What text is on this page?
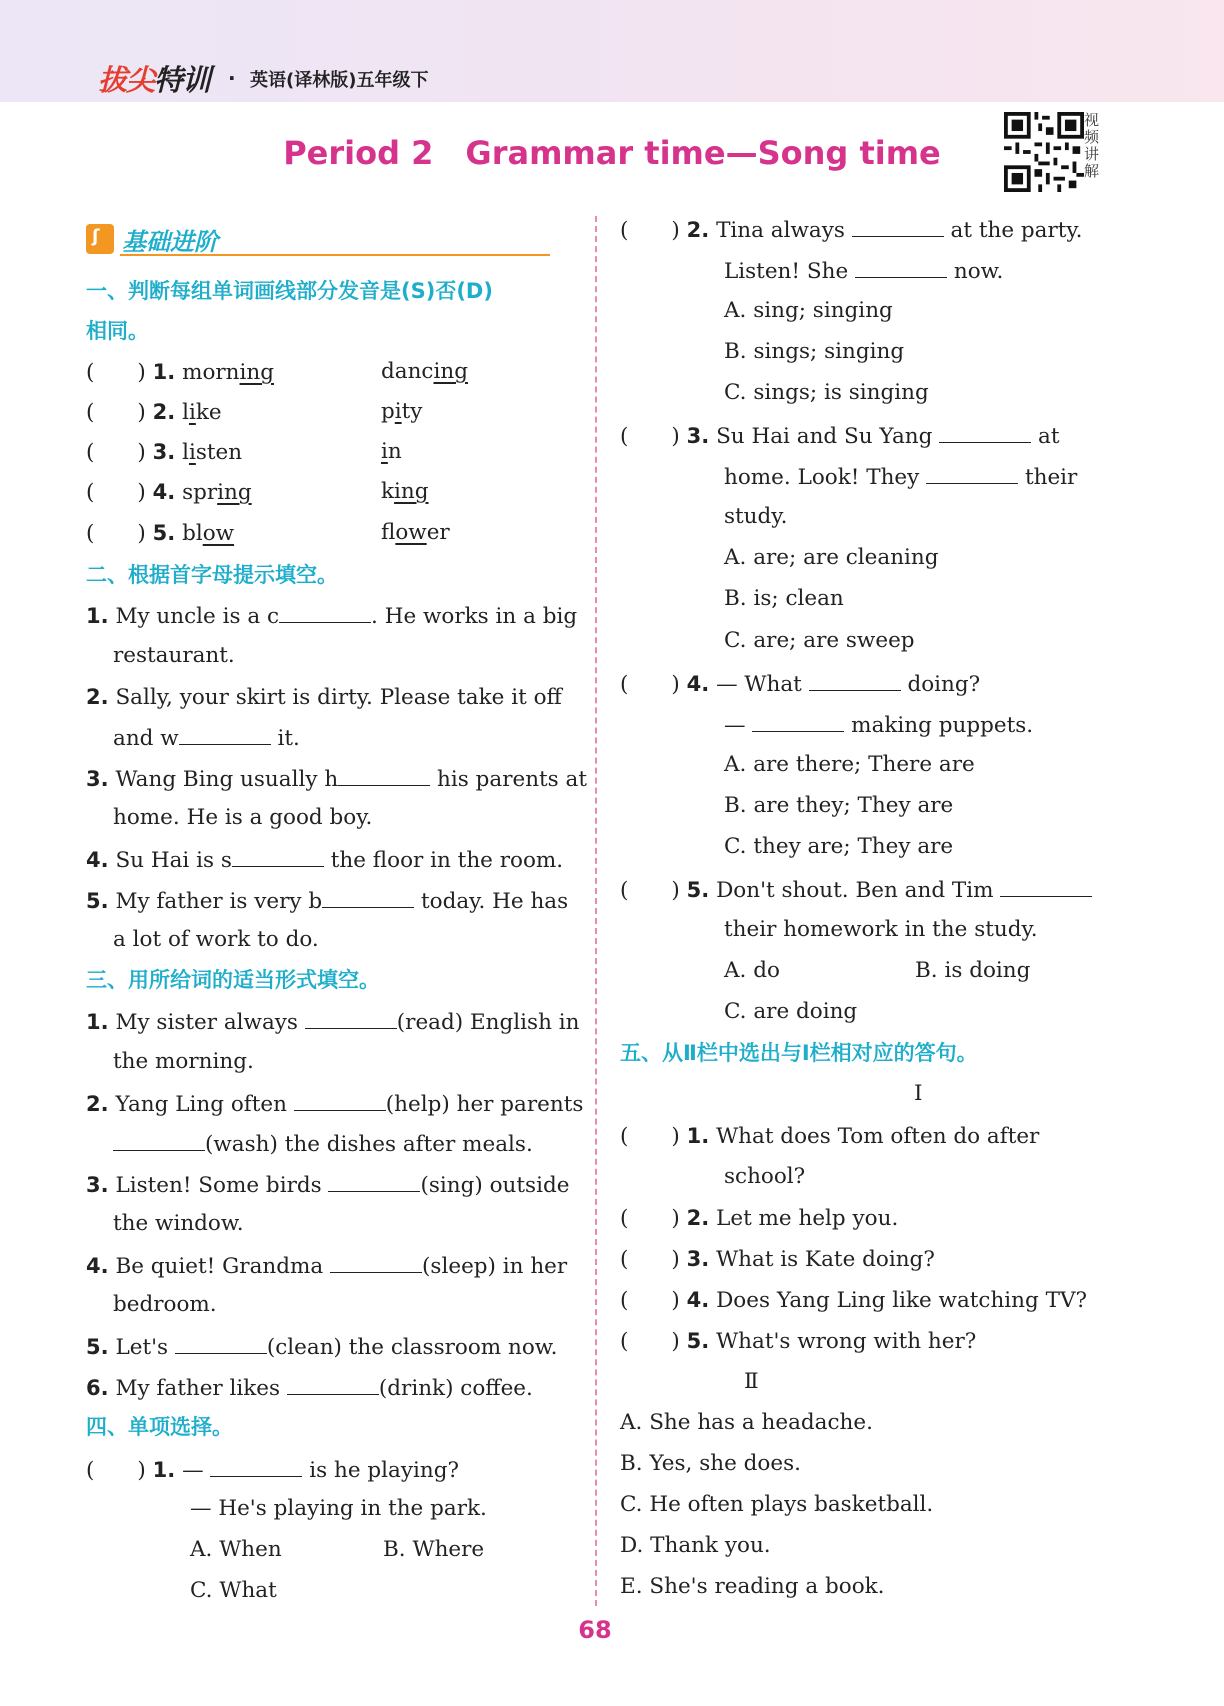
拔尖特训 · 英语(译林版)五年级下
Period 2　Grammar time—Song time
视频讲解
ʃ 基础进阶
一、判断每组单词画线部分发音是(S)否(D)
相同。
(　　) 1. morning	dancing
(　　) 2. like	pity
(　　) 3. listen	in
(　　) 4. spring	king
(　　) 5. blow	flower
二、根据首字母提示填空。
1. My uncle is a c	. He works in a big
restaurant.
2. Sally, your skirt is dirty. Please take it off
and w	it.
3. Wang Bing usually h	his parents at
home. He is a good boy.
4. Su Hai is s	the floor in the room.
5. My father is very b	today. He has
a lot of work to do.
三、用所给词的适当形式填空。
1. My sister always	(read) English in
the morning.
2. Yang Ling often	(help) her parents
(wash) the dishes after meals.
3. Listen! Some birds	(sing) outside
the window.
4. Be quiet! Grandma	(sleep) in her
bedroom.
5. Let's	(clean) the classroom now.
6. My father likes	(drink) coffee.
四、单项选择。
(　　) 1. —	is he playing?
— He's playing in the park.
A. When	B. Where
C. What
(　　) 2. Tina always	at the party.
Listen! She	now.
A. sing; singing
B. sings; singing
C. sings; is singing
(　　) 3. Su Hai and Su Yang	at
home. Look! They	their
study.
A. are; are cleaning
B. is; clean
C. are; are sweep
(　　) 4. — What	doing?
—	making puppets.
A. are there; There are
B. are they; They are
C. they are; They are
(　　) 5. Don't shout. Ben and Tim
their homework in the study.
A. do	B. is doing
C. are doing
五、从Ⅱ栏中选出与Ⅰ栏相对应的答句。
Ⅰ
(　　) 1. What does Tom often do after
school?
(　　) 2. Let me help you.
(　　) 3. What is Kate doing?
(　　) 4. Does Yang Ling like watching TV?
(　　) 5. What's wrong with her?
Ⅱ
A. She has a headache.
B. Yes, she does.
C. He often plays basketball.
D. Thank you.
E. She's reading a book.
68
